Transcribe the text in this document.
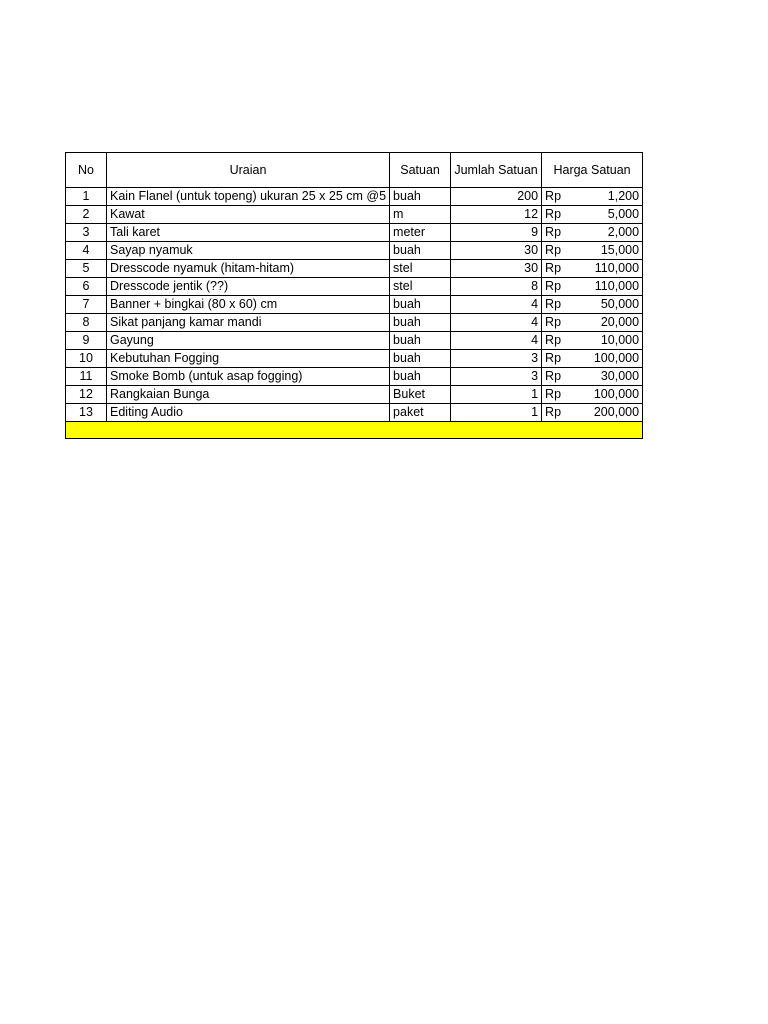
No	Uraian	Satuan	Jumlah Satuan	Harga Satuan
1	Kain Flanel (untuk topeng) ukuran 25 x 25 cm @5	buah	200	Rp 1,200

2	Kawat	m	12	Rp 5,000

3	Tali karet	meter	9	Rp 2,000

4	Sayap nyamuk	buah	30	Rp 15,000

5	Dresscode nyamuk (hitam-hitam)	stel	30	Rp 110,000

6	Dresscode jentik (??)	stel	8	Rp 110,000

7	Banner + bingkai (80 x 60) cm	buah	4	Rp 50,000

8	Sikat panjang kamar mandi	buah	4	Rp 20,000

9	Gayung	buah	4	Rp 10,000

10	Kebutuhan Fogging	buah	3	Rp 100,000

11	Smoke Bomb (untuk asap fogging)	buah	3	Rp 30,000

12	Rangkaian Bunga	Buket	1	Rp 100,000

13	Editing Audio	paket	1	Rp 200,000
